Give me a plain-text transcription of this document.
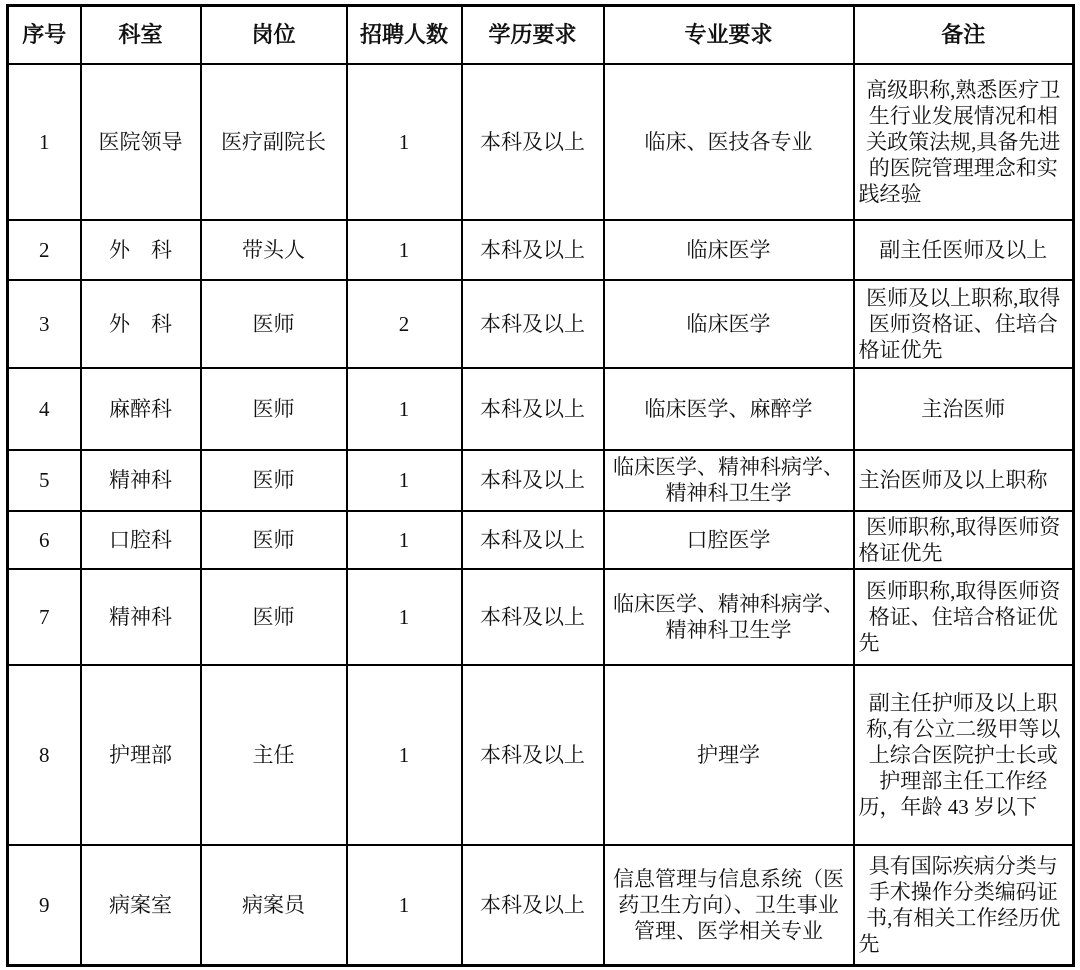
序号	科室	岗位	招聘人数	学历要求	专业要求	备注
1	医院领导	医疗副院长	1	本科及以上	临床、医技各专业	高级职称,熟悉医疗卫生行业发展情况和相关政策法规,具备先进的医院管理理念和实践经验
2	外　科	带头人	1	本科及以上	临床医学	副主任医师及以上
3	外　科	医师	2	本科及以上	临床医学	医师及以上职称,取得医师资格证、住培合格证优先
4	麻醉科	医师	1	本科及以上	临床医学、麻醉学	主治医师
5	精神科	医师	1	本科及以上	临床医学、精神科病学、精神科卫生学	主治医师及以上职称
6	口腔科	医师	1	本科及以上	口腔医学	医师职称,取得医师资格证优先
7	精神科	医师	1	本科及以上	临床医学、精神科病学、精神科卫生学	医师职称,取得医师资格证、住培合格证优先
8	护理部	主任	1	本科及以上	护理学	副主任护师及以上职称,有公立二级甲等以上综合医院护士长或护理部主任工作经历，年龄 43 岁以下
9	病案室	病案员	1	本科及以上	信息管理与信息系统（医药卫生方向）、卫生事业管理、医学相关专业	具有国际疾病分类与手术操作分类编码证书,有相关工作经历优先
